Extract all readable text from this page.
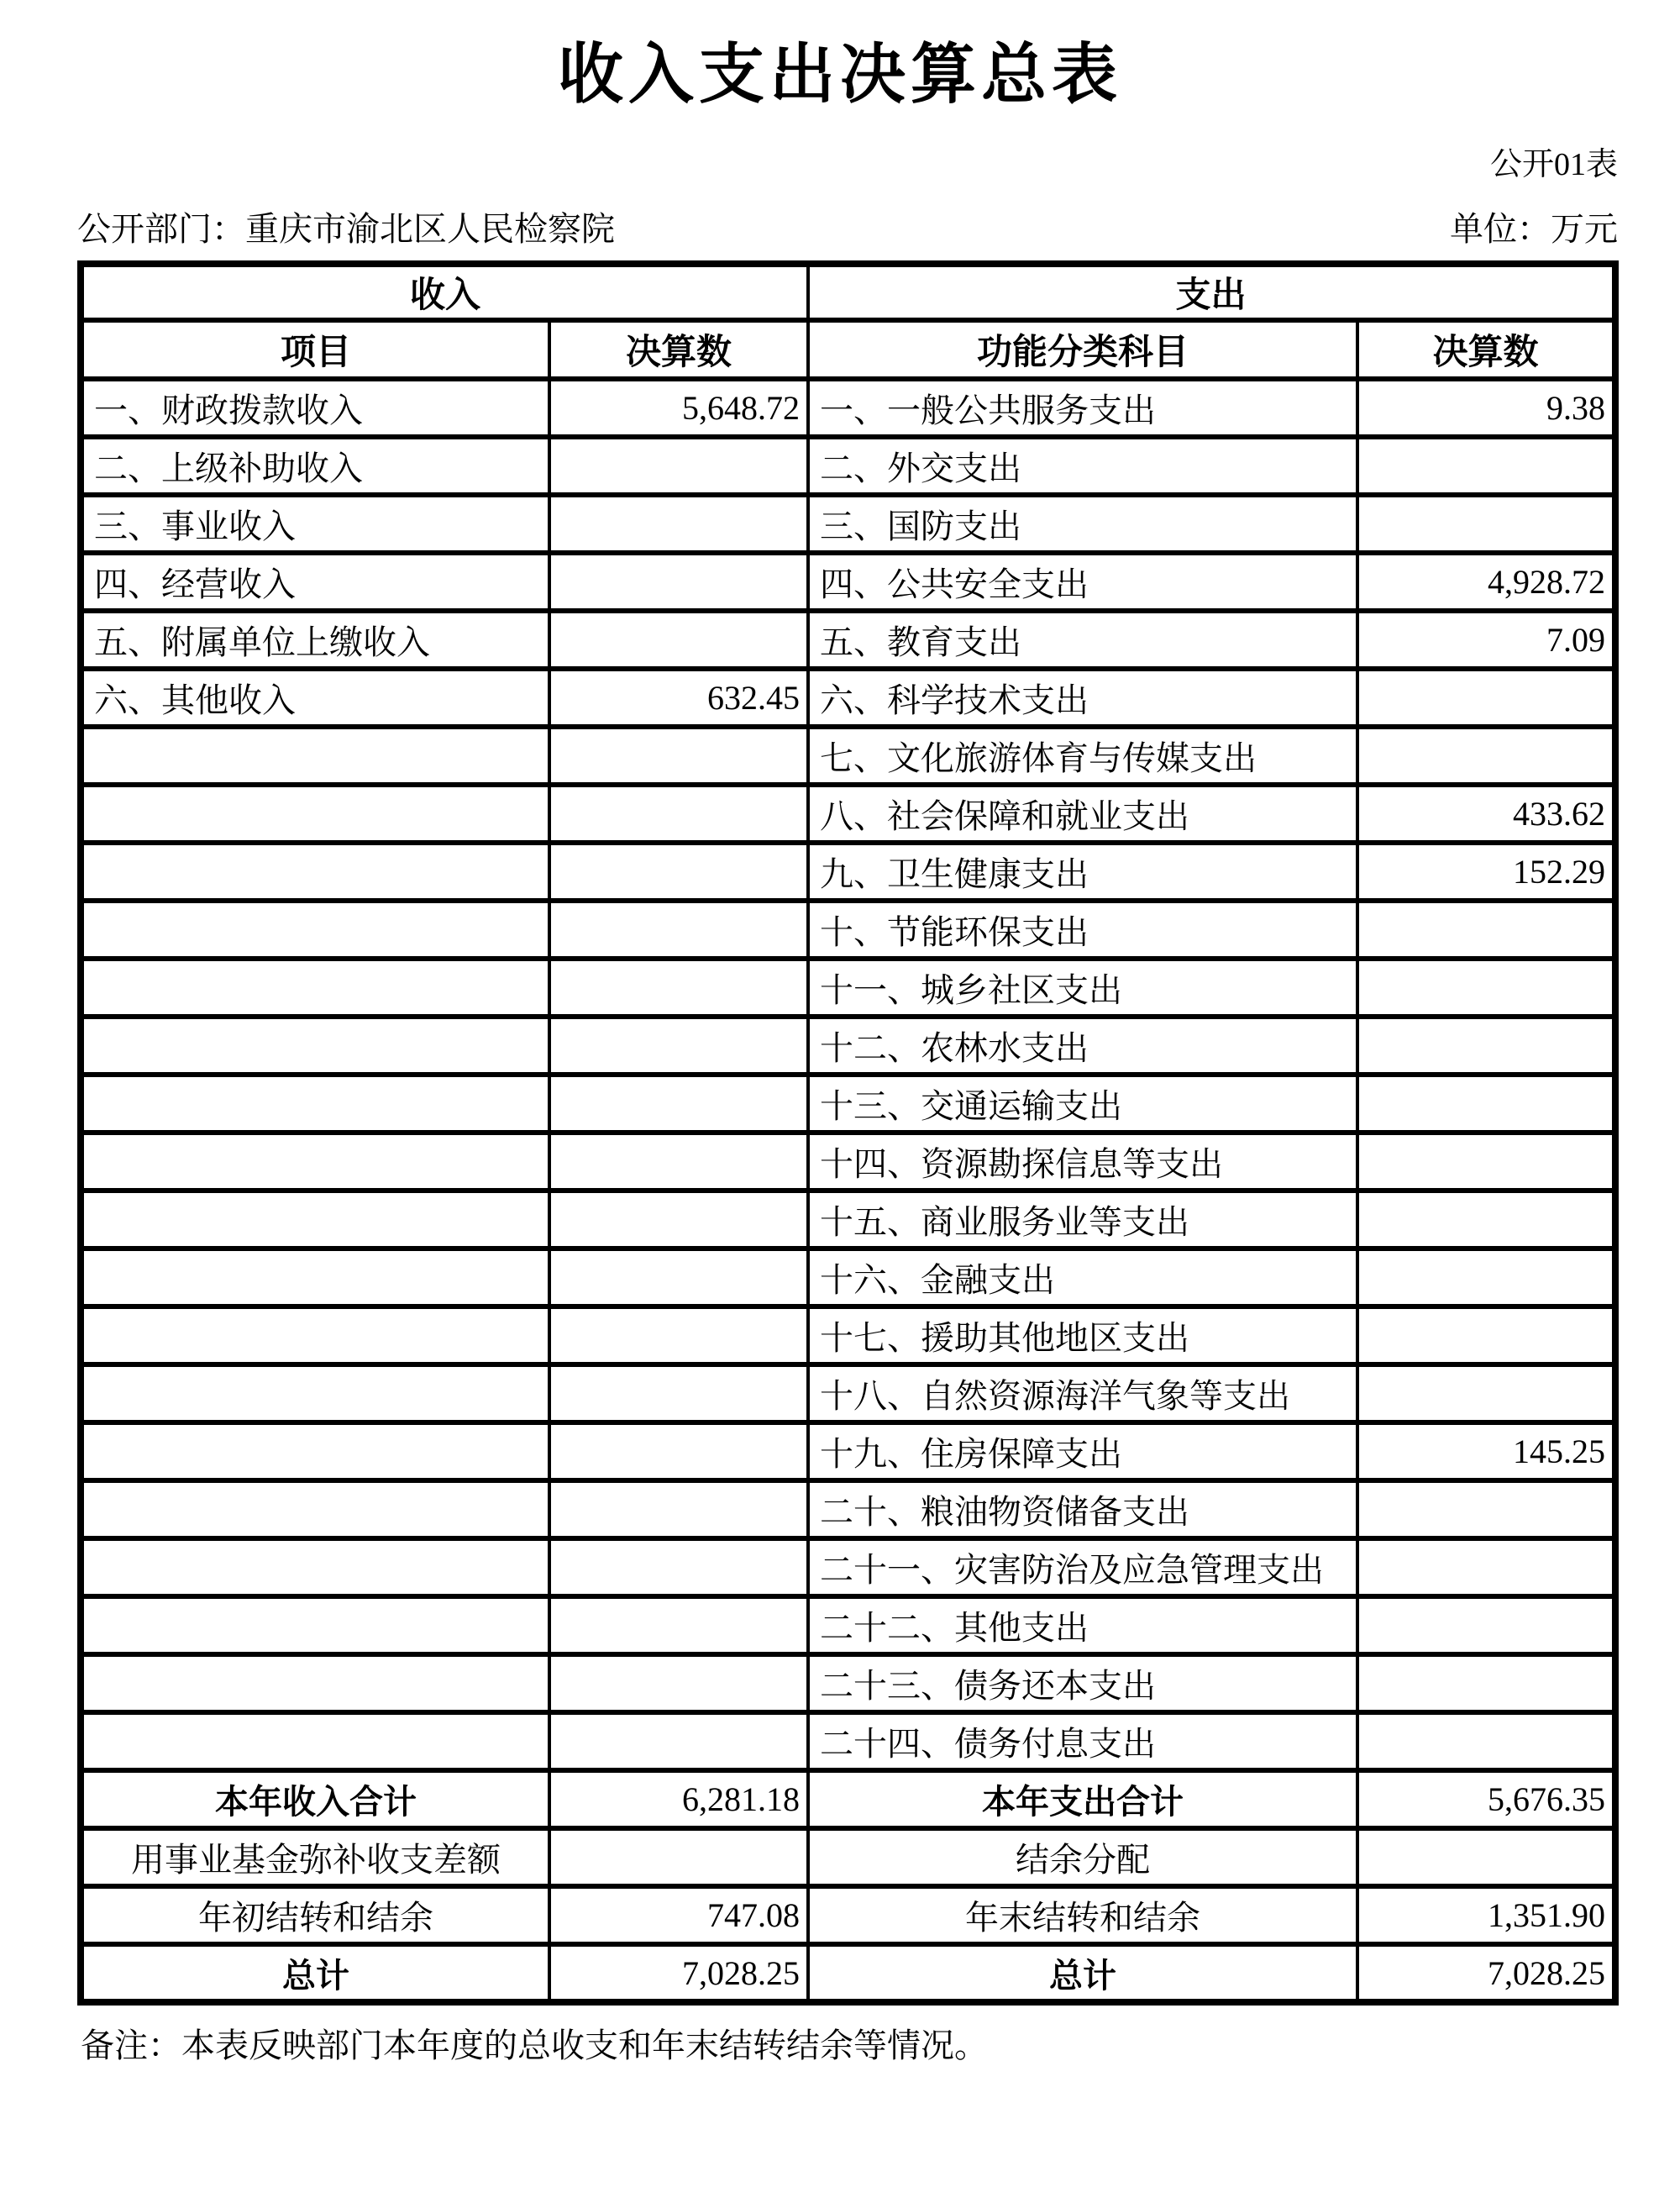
收入支出决算总表
公开01表
公开部门：重庆市渝北区人民检察院	单位：万元
收入		支出	
项目	决算数	功能分类科目	决算数
一、财政拨款收入	5,648.72	一、一般公共服务支出	9.38
二、上级补助收入		二、外交支出	
三、事业收入		三、国防支出	
四、经营收入		四、公共安全支出	4,928.72
五、附属单位上缴收入		五、教育支出	7.09
六、其他收入	632.45	六、科学技术支出	
		七、文化旅游体育与传媒支出	
		八、社会保障和就业支出	433.62
		九、卫生健康支出	152.29
		十、节能环保支出	
		十一、城乡社区支出	
		十二、农林水支出	
		十三、交通运输支出	
		十四、资源勘探信息等支出	
		十五、商业服务业等支出	
		十六、金融支出	
		十七、援助其他地区支出	
		十八、自然资源海洋气象等支出	
		十九、住房保障支出	145.25
		二十、粮油物资储备支出	
		二十一、灾害防治及应急管理支出	
		二十二、其他支出	
		二十三、债务还本支出	
		二十四、债务付息支出	
本年收入合计	6,281.18	本年支出合计	5,676.35
用事业基金弥补收支差额		结余分配	
年初结转和结余	747.08	年末结转和结余	1,351.90
总计	7,028.25	总计	7,028.25
备注：本表反映部门本年度的总收支和年末结转结余等情况。
